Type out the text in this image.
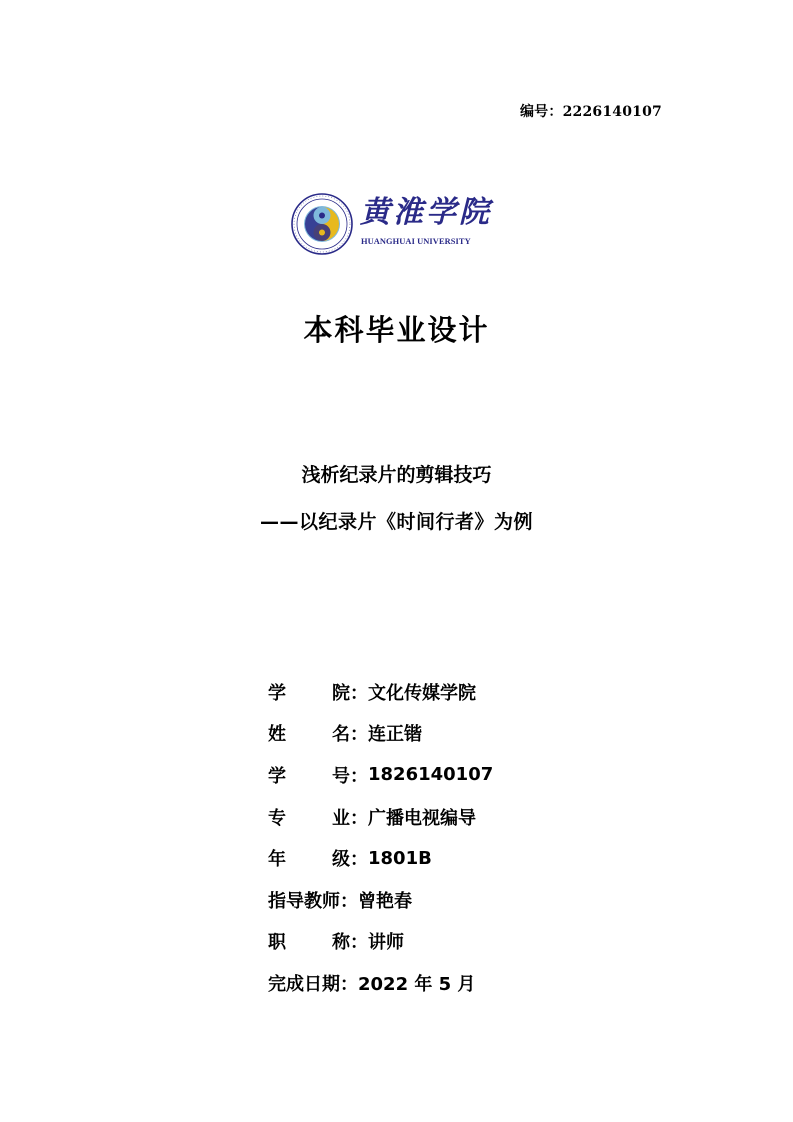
编号：2226140107
黄淮学院
HUANGHUAI UNIVERSITY
本科毕业设计
浅析纪录片的剪辑技巧
——以纪录片《时间行者》为例
学	院 ： 文化传媒学院
姓	名 ： 连正锴
学	号 ： 1826140107
专	业 ： 广播电视编导
年	级 ： 1801B
指导教师 ： 曾艳春
职	称 ： 讲师
完成日期 ： 2022 年 5 月
